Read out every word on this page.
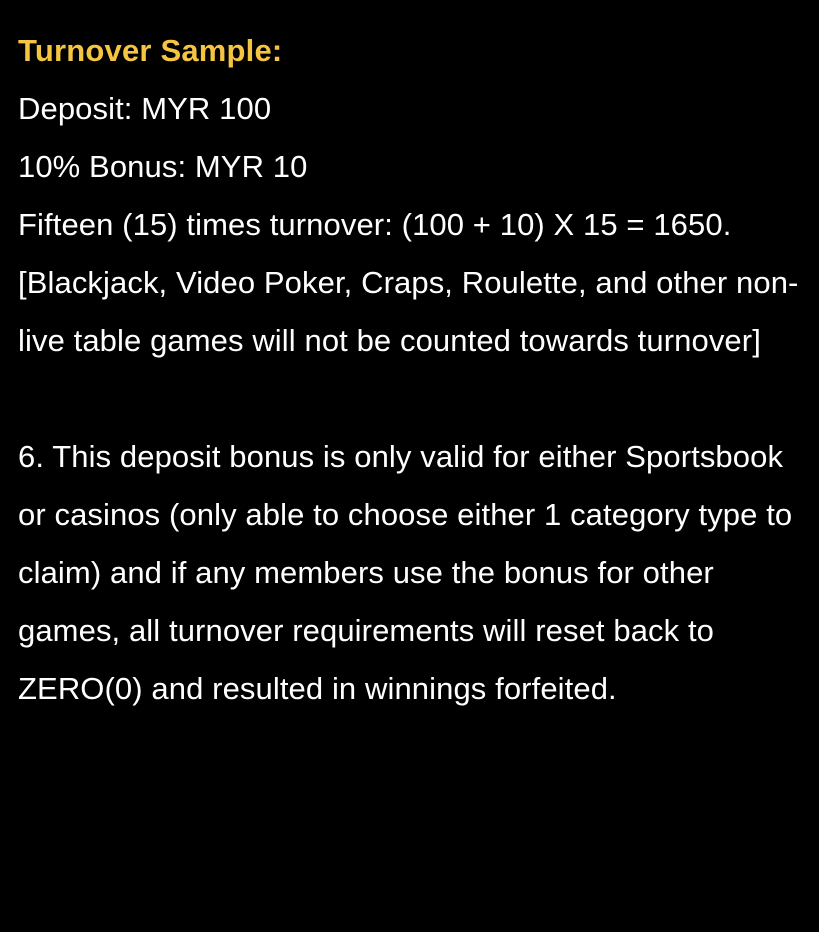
Turnover Sample:
Deposit: MYR 100
10% Bonus: MYR 10
Fifteen (15) times turnover: (100 + 10) X 15 = 1650.
[Blackjack, Video Poker, Craps, Roulette, and other non-live table games will not be counted towards turnover]

6. This deposit bonus is only valid for either Sportsbook or casinos (only able to choose either 1 category type to claim) and if any members use the bonus for other games, all turnover requirements will reset back to ZERO(0) and resulted in winnings forfeited.
